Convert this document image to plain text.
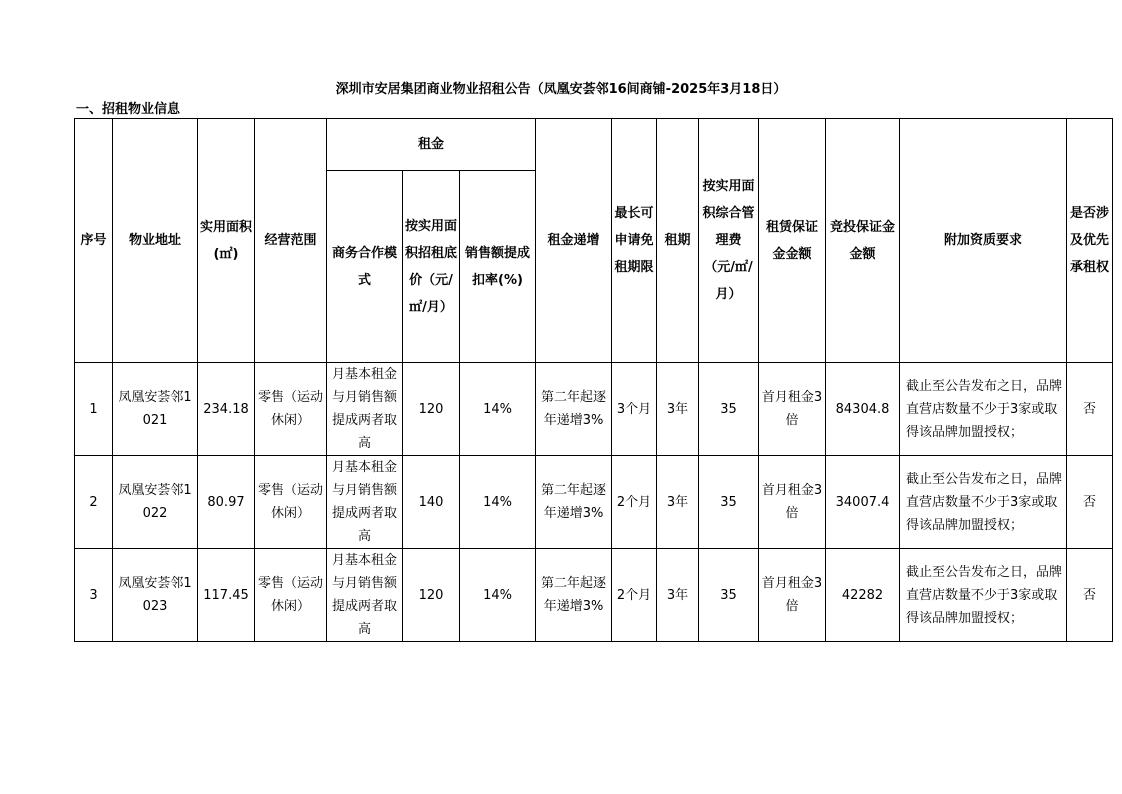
深圳市安居集团商业物业招租公告（凤凰安荟邻16间商铺-2025年3月18日）
一、招租物业信息
序号	物业地址	实用面积(㎡)	经营范围	租金			租金递增	最长可申请免租期限	租期	按实用面积综合管理费（元/㎡/月）	租赁保证金金额	竞投保证金金额	附加资质要求	是否涉及优先承租权
				商务合作模式	按实用面积招租底价（元/㎡/月）	销售额提成扣率(%)								
1	凤凰安荟邻1021	234.18	零售（运动休闲）	月基本租金与月销售额提成两者取高	120	14%	第二年起逐年递增3%	3个月	3年	35	首月租金3倍	84304.8	截止至公告发布之日，品牌直营店数量不少于3家或取得该品牌加盟授权；	否
2	凤凰安荟邻1022	80.97	零售（运动休闲）	月基本租金与月销售额提成两者取高	140	14%	第二年起逐年递增3%	2个月	3年	35	首月租金3倍	34007.4	截止至公告发布之日，品牌直营店数量不少于3家或取得该品牌加盟授权；	否
3	凤凰安荟邻1023	117.45	零售（运动休闲）	月基本租金与月销售额提成两者取高	120	14%	第二年起逐年递增3%	2个月	3年	35	首月租金3倍	42282	截止至公告发布之日，品牌直营店数量不少于3家或取得该品牌加盟授权；	否
